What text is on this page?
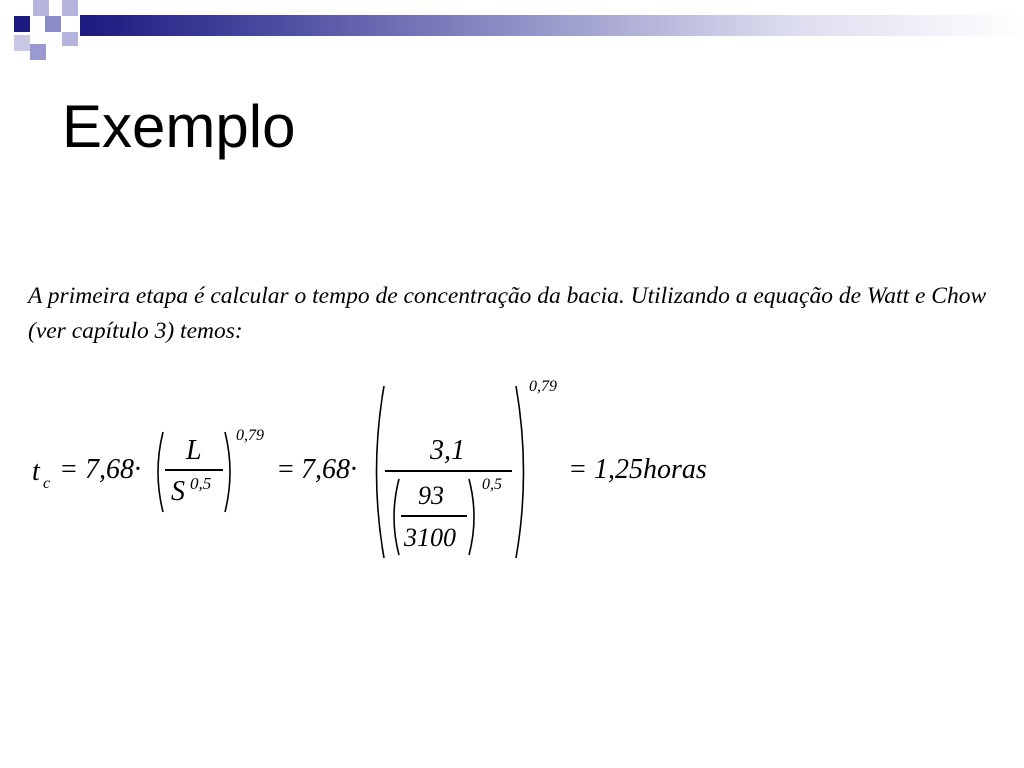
Exemplo
A primeira etapa é calcular o tempo de concentração da bacia. Utilizando a equação de Watt e Chow (ver capítulo 3) temos:
t c = 7,68·
L
S 0,5
0,79
= 7,68·
3,1
93
3100
0,5
0,79
= 1,25horas
